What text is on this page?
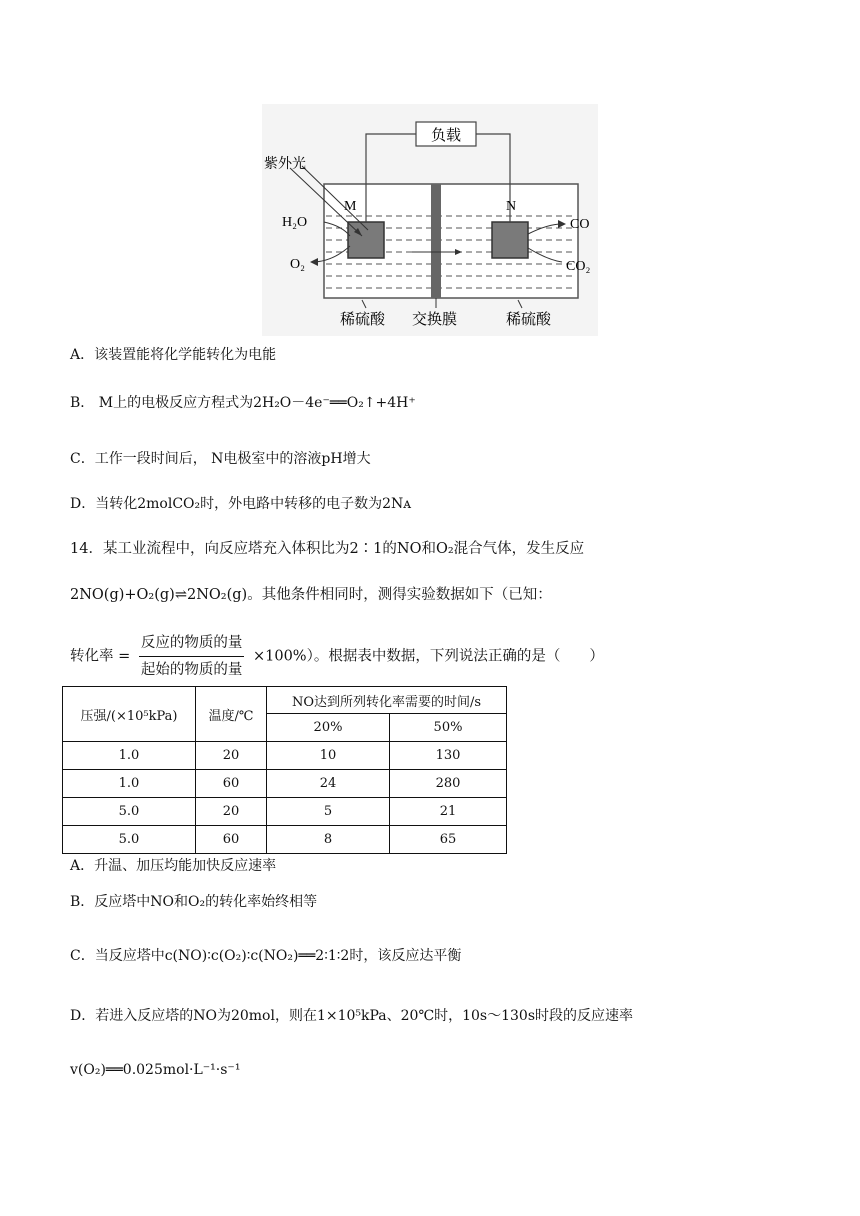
负载
紫外光
M	N
H₂O
O₂
CO
CO₂
稀硫酸 交换膜	稀硫酸
A．该装置能将化学能转化为电能
B． M上的电极反应方程式为2H₂O－4e⁻══O₂↑+4H⁺
C．工作一段时间后， N电极室中的溶液pH增大
D．当转化2molCO₂时，外电路中转移的电子数为2Nᴀ
14．某工业流程中，向反应塔充入体积比为2∶1的NO和O₂混合气体，发生反应
2NO(g)+O₂(g)⇌2NO₂(g)。其他条件相同时，测得实验数据如下（已知：
转化率 = $\frac{\text{反应的物质的量}}{\text{起始的物质的量}} \times 100\%$）。根据表中数据，下列说法正确的是（　　）
压强/(×10⁵kPa)	温度/℃	NO达到所列转化率需要的时间/s	
		20%	50%
1.0	20	10	130
1.0	60	24	280
5.0	20	5	21
5.0	60	8	65
A．升温、加压均能加快反应速率
B．反应塔中NO和O₂的转化率始终相等
C．当反应塔中c(NO)∶c(O₂)∶c(NO₂)══2∶1∶2时，该反应达平衡
D．若进入反应塔的NO为20mol，则在1×10⁵kPa、20℃时，10s～130s时段的反应速率
v(O₂)══0.025mol·L⁻¹·s⁻¹
